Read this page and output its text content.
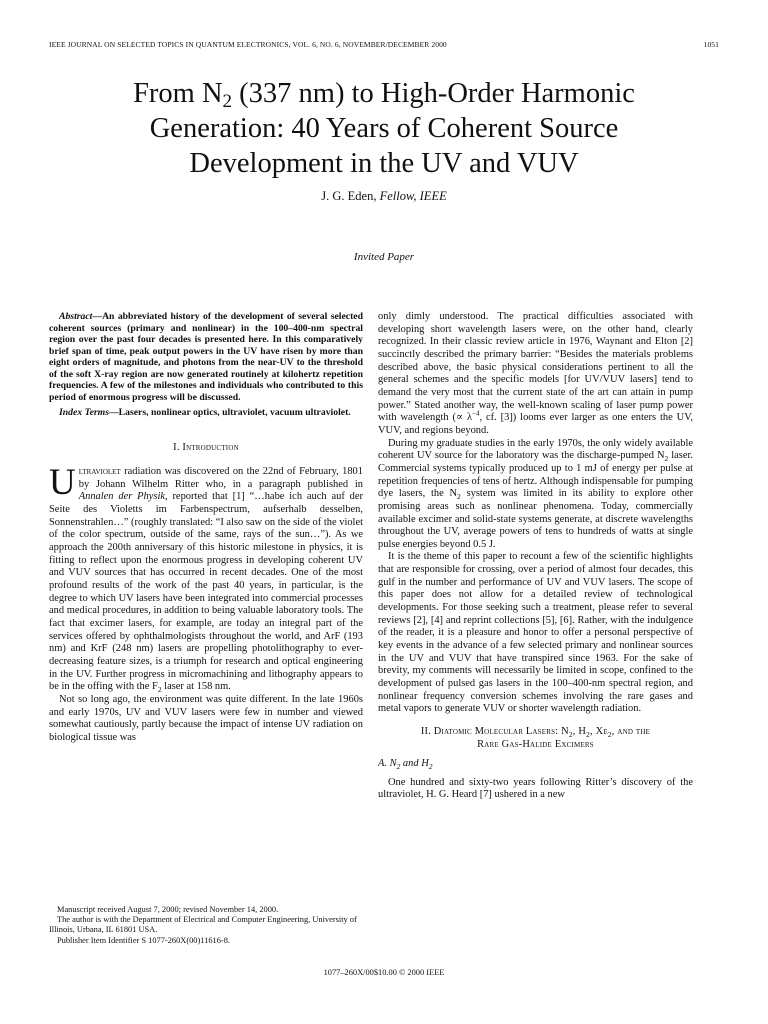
IEEE JOURNAL ON SELECTED TOPICS IN QUANTUM ELECTRONICS, VOL. 6, NO. 6, NOVEMBER/DECEMBER 2000	1051
From $N_2$ (337 nm) to High-Order Harmonic
Generation: 40 Years of Coherent Source
Development in the UV and VUV
J. G. Eden, Fellow, IEEE
Invited Paper

Abstract—An abbreviated history of the development of several selected coherent sources (primary and nonlinear) in the 100–400-nm spectral region over the past four decades is presented here. In this comparatively brief span of time, peak output powers in the UV have risen by more than eight orders of magnitude, and photons from the near-UV to the threshold of the soft X-ray region are now generated routinely at kilohertz repetition frequencies. A few of the milestones and individuals who contributed to this period of enormous progress will be discussed.

Index Terms—Lasers, nonlinear optics, ultraviolet, vacuum ultraviolet.

I. Introduction

Ultraviolet radiation was discovered on the 22nd of February, 1801 by Johann Wilhelm Ritter who, in a paragraph published in Annalen der Physik, reported that [1] “…habe ich auch auf der Seite des Violetts im Farbenspectrum, aufserhalb desselben, Sonnenstrahlen…” (roughly translated: “I also saw on the side of the violet of the color spectrum, outside of the same, rays of the sun…”). As we approach the 200th anniversary of this historic milestone in physics, it is fitting to reflect upon the enormous progress in developing coherent UV and VUV sources that has occurred in recent decades. One of the most profound results of the work of the past 40 years, in particular, is the degree to which UV lasers have been integrated into commercial processes and medical procedures, in addition to being valuable laboratory tools. The fact that excimer lasers, for example, are today an integral part of the services offered by ophthalmologists throughout the world, and ArF (193 nm) and KrF (248 nm) lasers are propelling photolithography to ever-decreasing feature sizes, is a triumph for research and optical engineering in the UV. Further progress in micromachining and lithography appears to be in the offing with the $F_2$ laser at 158 nm.

Not so long ago, the environment was quite different. In the late 1960s and early 1970s, UV and VUV lasers were few in number and viewed somewhat cautiously, partly because the impact of intense UV radiation on biological tissue was

only dimly understood. The practical difficulties associated with developing short wavelength lasers were, on the other hand, clearly recognized. In their classic review article in 1976, Waynant and Elton [2] succinctly described the primary barrier: “Besides the materials problems described above, the basic physical considerations pertinent to all the general schemes and the specific models [for UV/VUV lasers] tend to demand the very most that the current state of the art can attain in pump power.” Stated another way, the well-known scaling of laser pump power with wavelength (∝ $\lambda^{-4}$, cf. [3]) looms ever larger as one enters the UV, VUV, and regions beyond.

During my graduate studies in the early 1970s, the only widely available coherent UV source for the laboratory was the discharge-pumped $N_2$ laser. Commercial systems typically produced up to 1 mJ of energy per pulse at repetition frequencies of tens of hertz. Although indispensable for pumping dye lasers, the $N_2$ system was limited in its ability to explore other promising areas such as nonlinear phenomena. Today, commercially available excimer and solid-state systems generate, at discrete wavelengths throughout the UV, average powers of tens to hundreds of watts at single pulse energies beyond 0.5 J.

It is the theme of this paper to recount a few of the scientific highlights that are responsible for crossing, over a period of almost four decades, this gulf in the number and performance of UV and VUV lasers. The scope of this paper does not allow for a detailed review of technological developments. For those seeking such a treatment, please refer to several reviews [2], [4] and reprint collections [5], [6]. Rather, with the indulgence of the reader, it is a pleasure and honor to offer a personal perspective of key events in the advance of a few selected primary and nonlinear sources in the UV and VUV that have transpired since 1963. For the sake of brevity, my comments will necessarily be limited in scope, confined to the development of pulsed gas lasers in the 100–400-nm spectral region, and nonlinear frequency conversion schemes involving the rare gases and metal vapors to generate VUV or shorter wavelength radiation.

II. Diatomic Molecular Lasers: $N_2$, $H_2$, $Xe_2$, and the
Rare Gas-Halide Excimers

A. $N_2$ and $H_2$

One hundred and sixty-two years following Ritter’s discovery of the ultraviolet, H. G. Heard [7] ushered in a new

Manuscript received August 7, 2000; revised November 14, 2000.

The author is with the Department of Electrical and Computer Engineering, University of Illinois, Urbana, IL 61801 USA.

Publisher Item Identifier S 1077-260X(00)11616-8.

1077–260X/00$10.00 © 2000 IEEE
